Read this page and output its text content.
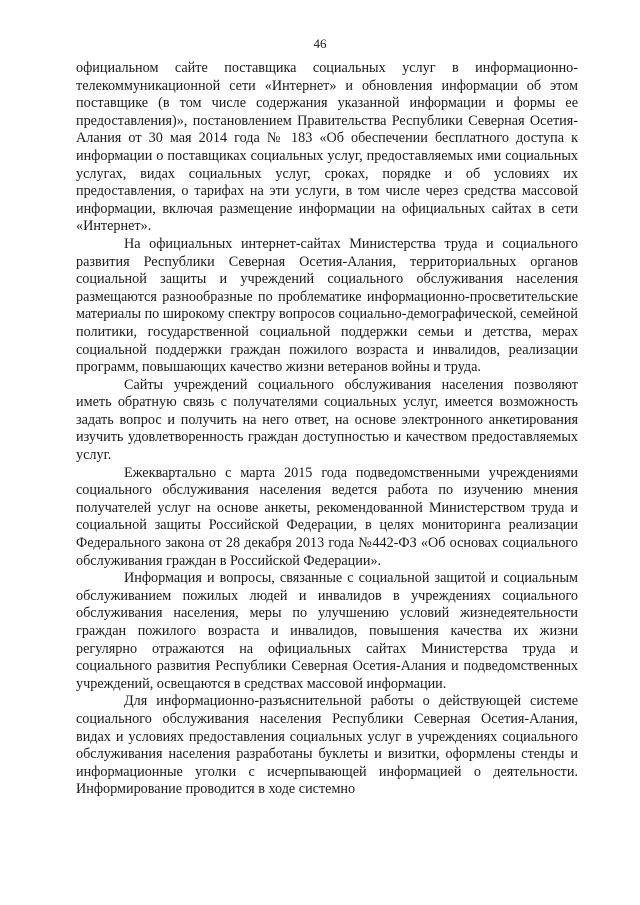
46

официальном сайте поставщика социальных услуг в информационно-телекоммуникационной сети «Интернет» и обновления информации об этом поставщике (в том числе содержания указанной информации и формы ее предоставления)», постановлением Правительства Республики Северная Осетия-Алания от 30 мая 2014 года № 183 «Об обеспечении бесплатного доступа к информации о поставщиках социальных услуг, предоставляемых ими социальных услугах, видах социальных услуг, сроках, порядке и об условиях их предоставления, о тарифах на эти услуги, в том числе через средства массовой информации, включая размещение информации на официальных сайтах в сети «Интернет».

На официальных интернет-сайтах Министерства труда и социального развития Республики Северная Осетия-Алания, территориальных органов социальной защиты и учреждений социального обслуживания населения размещаются разнообразные по проблематике информационно-просветительские материалы по широкому спектру вопросов социально-демографической, семейной политики, государственной социальной поддержки семьи и детства, мерах социальной поддержки граждан пожилого возраста и инвалидов, реализации программ, повышающих качество жизни ветеранов войны и труда.

Сайты учреждений социального обслуживания населения позволяют иметь обратную связь с получателями социальных услуг, имеется возможность задать вопрос и получить на него ответ, на основе электронного анкетирования изучить удовлетворенность граждан доступностью и качеством предоставляемых услуг.

Ежеквартально с марта 2015 года подведомственными учреждениями социального обслуживания населения ведется работа по изучению мнения получателей услуг на основе анкеты, рекомендованной Министерством труда и социальной защиты Российской Федерации, в целях мониторинга реализации Федерального закона от 28 декабря 2013 года №442-ФЗ «Об основах социального обслуживания граждан в Российской Федерации».

Информация и вопросы, связанные с социальной защитой и социальным обслуживанием пожилых людей и инвалидов в учреждениях социального обслуживания населения, меры по улучшению условий жизнедеятельности граждан пожилого возраста и инвалидов, повышения качества их жизни регулярно отражаются на официальных сайтах Министерства труда и социального развития Республики Северная Осетия-Алания и подведомственных учреждений, освещаются в средствах массовой информации.

Для информационно-разъяснительной работы о действующей системе социального обслуживания населения Республики Северная Осетия-Алания, видах и условиях предоставления социальных услуг в учреждениях социального обслуживания населения разработаны буклеты и визитки, оформлены стенды и информационные уголки с исчерпывающей информацией о деятельности. Информирование проводится в ходе системно
